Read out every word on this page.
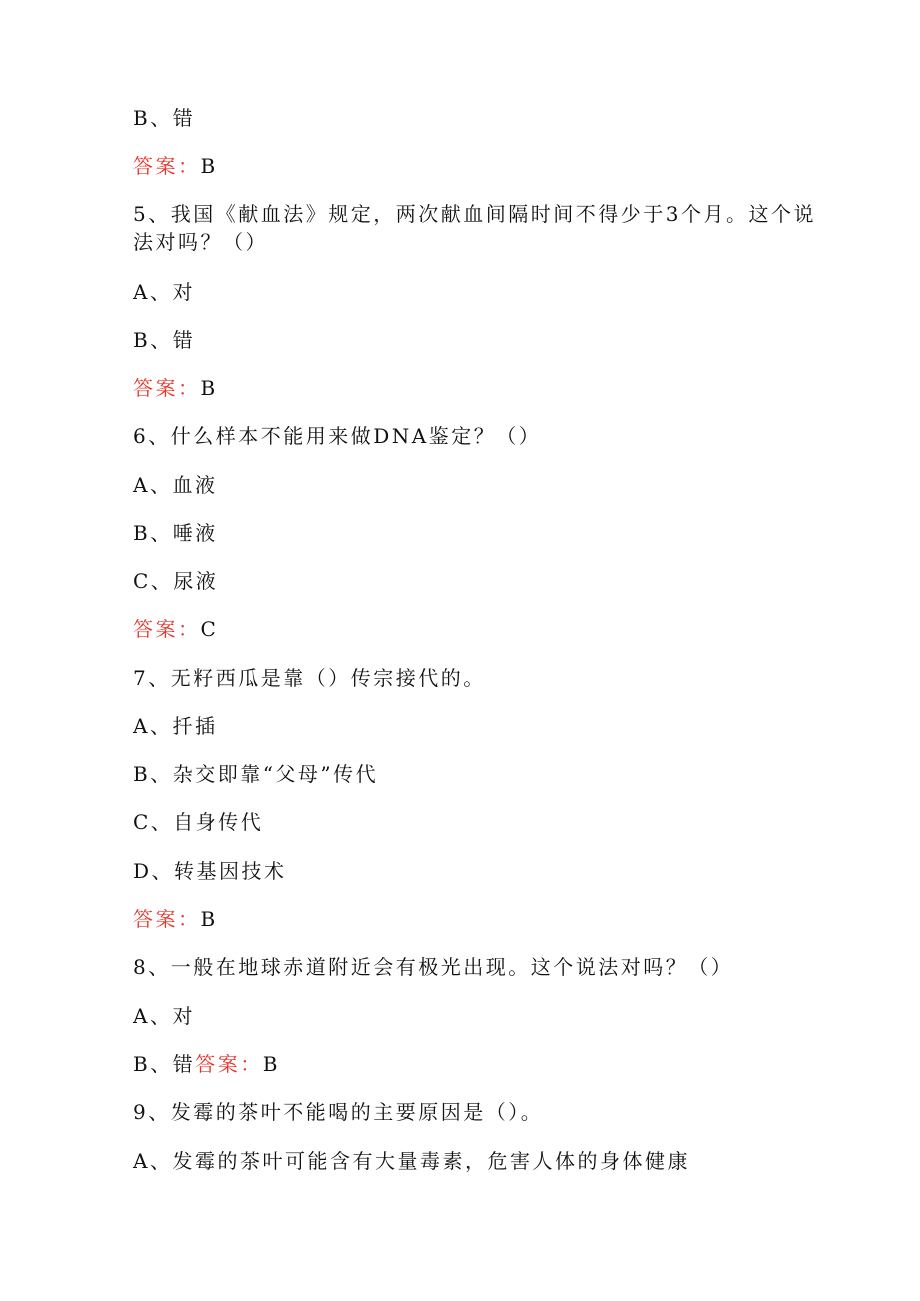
B、错
答案：B
5、我国《献血法》规定，两次献血间隔时间不得少于3个月。这个说
法对吗？（）
A、对
B、错
答案：B
6、什么样本不能用来做DNA鉴定？（）
A、血液
B、唾液
C、尿液
答案：C
7、无籽西瓜是靠（）传宗接代的。
A、扦插
B、杂交即靠“父母”传代
C、自身传代
D、转基因技术
答案：B
8、一般在地球赤道附近会有极光出现。这个说法对吗？（）
A、对
B、错答案：B
9、发霉的茶叶不能喝的主要原因是（）。
A、发霉的茶叶可能含有大量毒素，危害人体的身体健康
